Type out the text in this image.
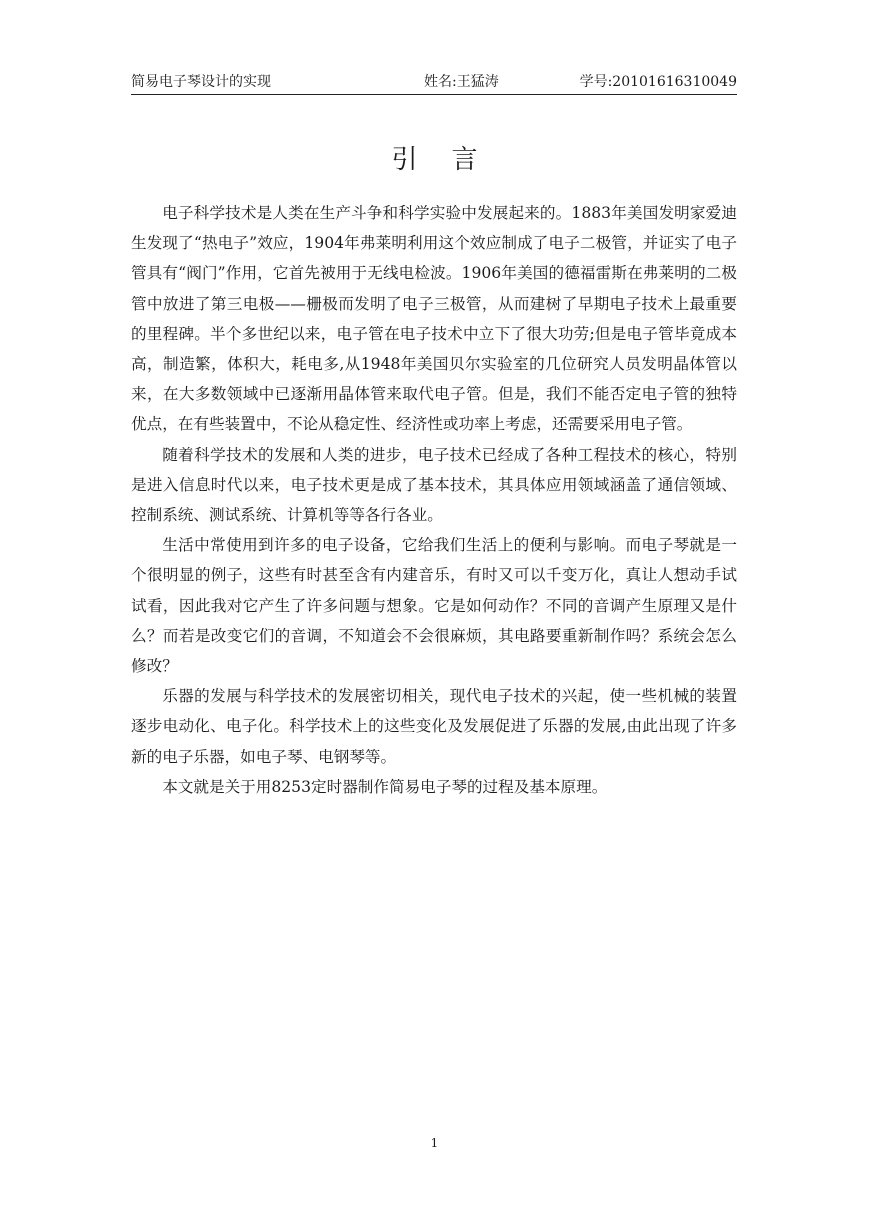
简易电子琴设计的实现	姓名:王猛涛	学号:20101616310049
引言

电子科学技术是人类在生产斗争和科学实验中发展起来的。1883年美国发明家爱迪生发现了“热电子”效应，1904年弗莱明利用这个效应制成了电子二极管，并证实了电子管具有“阀门”作用，它首先被用于无线电检波。1906年美国的德福雷斯在弗莱明的二极管中放进了第三电极——栅极而发明了电子三极管，从而建树了早期电子技术上最重要的里程碑。半个多世纪以来，电子管在电子技术中立下了很大功劳;但是电子管毕竟成本高，制造繁，体积大，耗电多,从1948年美国贝尔实验室的几位研究人员发明晶体管以来，在大多数领域中已逐渐用晶体管来取代电子管。但是，我们不能否定电子管的独特优点，在有些装置中，不论从稳定性、经济性或功率上考虑，还需要采用电子管。

随着科学技术的发展和人类的进步，电子技术已经成了各种工程技术的核心，特别是进入信息时代以来，电子技术更是成了基本技术，其具体应用领域涵盖了通信领域、控制系统、测试系统、计算机等等各行各业。

生活中常使用到许多的电子设备，它给我们生活上的便利与影响。而电子琴就是一个很明显的例子，这些有时甚至含有内建音乐，有时又可以千变万化，真让人想动手试试看，因此我对它产生了许多问题与想象。它是如何动作？不同的音调产生原理又是什么？而若是改变它们的音调，不知道会不会很麻烦，其电路要重新制作吗？系统会怎么修改？

乐器的发展与科学技术的发展密切相关，现代电子技术的兴起，使一些机械的装置逐步电动化、电子化。科学技术上的这些变化及发展促进了乐器的发展,由此出现了许多新的电子乐器，如电子琴、电钢琴等。

本文就是关于用8253定时器制作简易电子琴的过程及基本原理。

1
